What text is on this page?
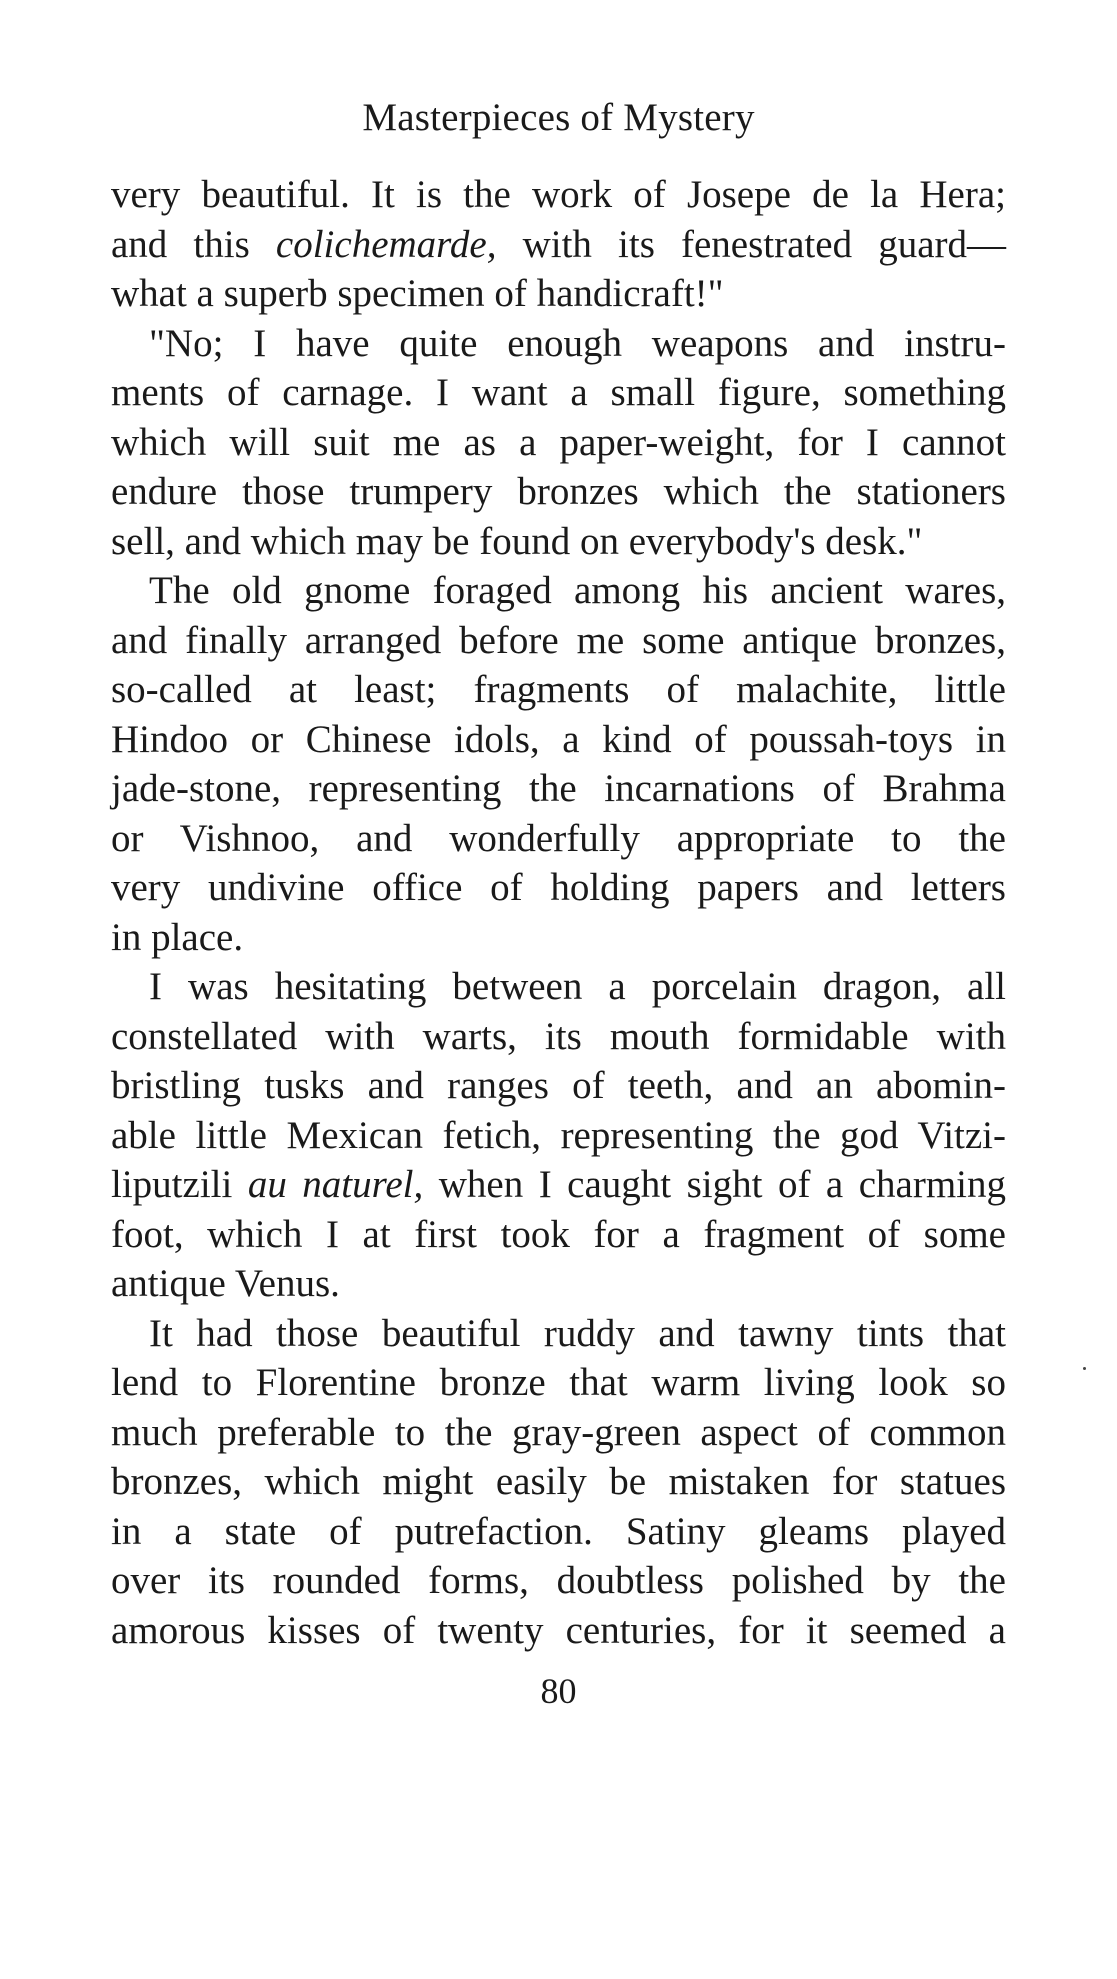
Masterpieces of Mystery
very beautiful. It is the work of Josepe de la Hera;
and this colichemarde, with its fenestrated guard—
what a superb specimen of handicraft!"
"No; I have quite enough weapons and instru-
ments of carnage. I want a small figure, something
which will suit me as a paper-weight, for I cannot
endure those trumpery bronzes which the stationers
sell, and which may be found on everybody's desk."
The old gnome foraged among his ancient wares,
and finally arranged before me some antique bronzes,
so-called at least; fragments of malachite, little
Hindoo or Chinese idols, a kind of poussah-toys in
jade-stone, representing the incarnations of Brahma
or Vishnoo, and wonderfully appropriate to the
very undivine office of holding papers and letters
in place.
I was hesitating between a porcelain dragon, all
constellated with warts, its mouth formidable with
bristling tusks and ranges of teeth, and an abomin-
able little Mexican fetich, representing the god Vitzi-
liputzili au naturel, when I caught sight of a charming
foot, which I at first took for a fragment of some
antique Venus.
It had those beautiful ruddy and tawny tints that
lend to Florentine bronze that warm living look so
much preferable to the gray-green aspect of common
bronzes, which might easily be mistaken for statues
in a state of putrefaction. Satiny gleams played
over its rounded forms, doubtless polished by the
amorous kisses of twenty centuries, for it seemed a
80
